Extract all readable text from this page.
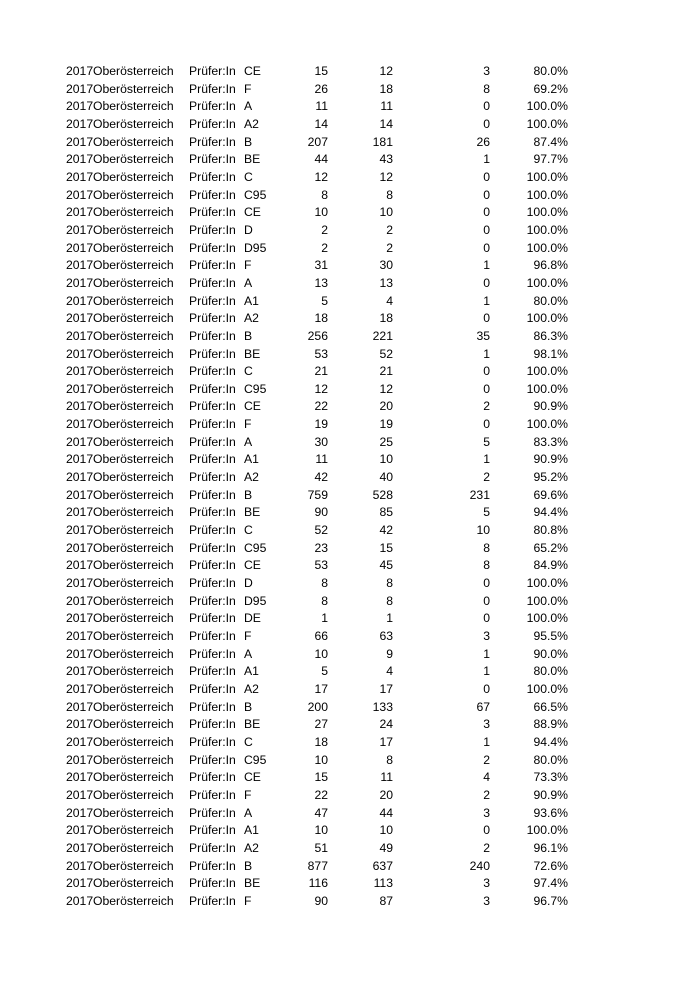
2017 Oberösterreich Prüfer:In CE	15	12	3	80.0%
2017 Oberösterreich Prüfer:In F	26	18	8	69.2%
2017 Oberösterreich Prüfer:In A	11	11	0	100.0%
2017 Oberösterreich Prüfer:In A2	14	14	0	100.0%
2017 Oberösterreich Prüfer:In B	207	181	26	87.4%
2017 Oberösterreich Prüfer:In BE	44	43	1	97.7%
2017 Oberösterreich Prüfer:In C	12	12	0	100.0%
2017 Oberösterreich Prüfer:In C95	8	8	0	100.0%
2017 Oberösterreich Prüfer:In CE	10	10	0	100.0%
2017 Oberösterreich Prüfer:In D	2	2	0	100.0%
2017 Oberösterreich Prüfer:In D95	2	2	0	100.0%
2017 Oberösterreich Prüfer:In F	31	30	1	96.8%
2017 Oberösterreich Prüfer:In A	13	13	0	100.0%
2017 Oberösterreich Prüfer:In A1	5	4	1	80.0%
2017 Oberösterreich Prüfer:In A2	18	18	0	100.0%
2017 Oberösterreich Prüfer:In B	256	221	35	86.3%
2017 Oberösterreich Prüfer:In BE	53	52	1	98.1%
2017 Oberösterreich Prüfer:In C	21	21	0	100.0%
2017 Oberösterreich Prüfer:In C95	12	12	0	100.0%
2017 Oberösterreich Prüfer:In CE	22	20	2	90.9%
2017 Oberösterreich Prüfer:In F	19	19	0	100.0%
2017 Oberösterreich Prüfer:In A	30	25	5	83.3%
2017 Oberösterreich Prüfer:In A1	11	10	1	90.9%
2017 Oberösterreich Prüfer:In A2	42	40	2	95.2%
2017 Oberösterreich Prüfer:In B	759	528	231	69.6%
2017 Oberösterreich Prüfer:In BE	90	85	5	94.4%
2017 Oberösterreich Prüfer:In C	52	42	10	80.8%
2017 Oberösterreich Prüfer:In C95	23	15	8	65.2%
2017 Oberösterreich Prüfer:In CE	53	45	8	84.9%
2017 Oberösterreich Prüfer:In D	8	8	0	100.0%
2017 Oberösterreich Prüfer:In D95	8	8	0	100.0%
2017 Oberösterreich Prüfer:In DE	1	1	0	100.0%
2017 Oberösterreich Prüfer:In F	66	63	3	95.5%
2017 Oberösterreich Prüfer:In A	10	9	1	90.0%
2017 Oberösterreich Prüfer:In A1	5	4	1	80.0%
2017 Oberösterreich Prüfer:In A2	17	17	0	100.0%
2017 Oberösterreich Prüfer:In B	200	133	67	66.5%
2017 Oberösterreich Prüfer:In BE	27	24	3	88.9%
2017 Oberösterreich Prüfer:In C	18	17	1	94.4%
2017 Oberösterreich Prüfer:In C95	10	8	2	80.0%
2017 Oberösterreich Prüfer:In CE	15	11	4	73.3%
2017 Oberösterreich Prüfer:In F	22	20	2	90.9%
2017 Oberösterreich Prüfer:In A	47	44	3	93.6%
2017 Oberösterreich Prüfer:In A1	10	10	0	100.0%
2017 Oberösterreich Prüfer:In A2	51	49	2	96.1%
2017 Oberösterreich Prüfer:In B	877	637	240	72.6%
2017 Oberösterreich Prüfer:In BE	116	113	3	97.4%
2017 Oberösterreich Prüfer:In F	90	87	3	96.7%
